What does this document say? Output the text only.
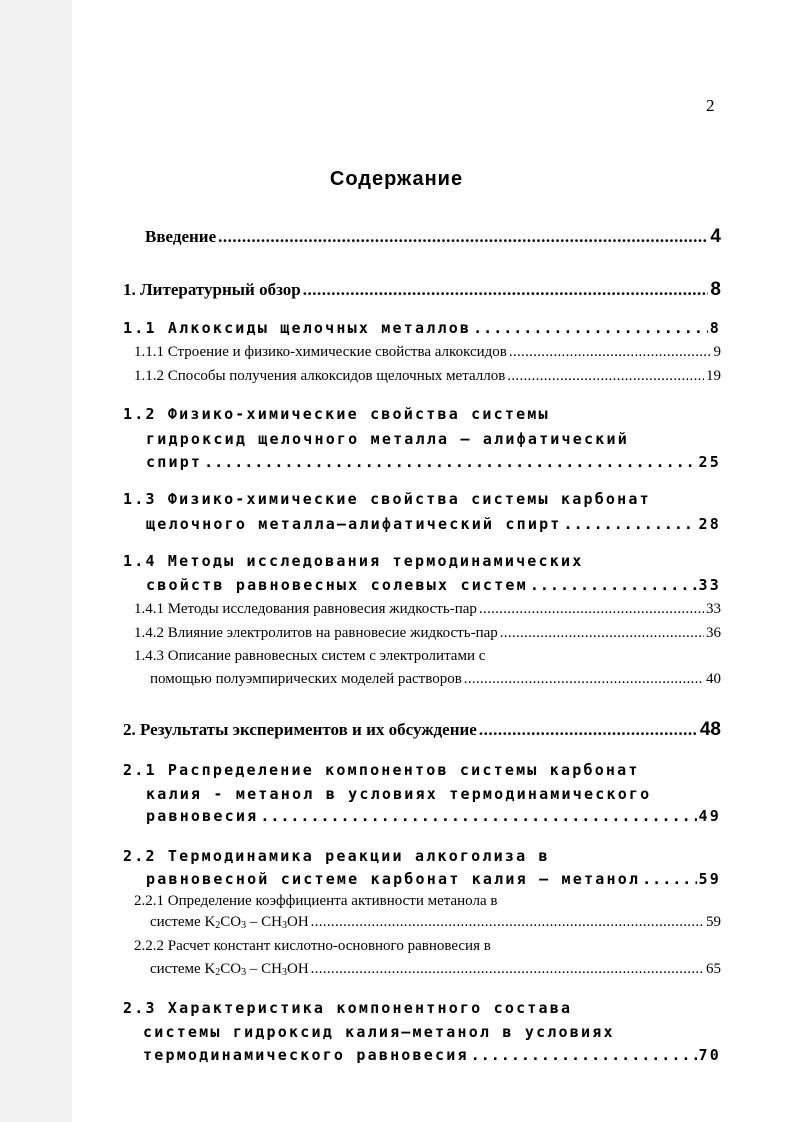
2
Содержание
Введение .....	4
1. Литературный обзор .....	8
1.1 Алкоксиды щелочных металлов .....	8
1.1.1 Строение и физико-химические свойства алкоксидов .....	9
1.1.2 Способы получения алкоксидов щелочных металлов .....	19
1.2 Физико-химические свойства системы
гидроксид щелочного металла — алифатический
спирт .....	25
1.3 Физико-химические свойства системы карбонат
щелочного металла—алифатический спирт .....	28
1.4 Методы исследования термодинамических
свойств равновесных солевых систем .....	33
1.4.1 Методы исследования равновесия жидкость-пар .....	33
1.4.2 Влияние электролитов на равновесие жидкость-пар .....	36
1.4.3 Описание равновесных систем с электролитами с
помощью полуэмпирических моделей растворов .....	40
2. Результаты экспериментов и их обсуждение .....	48
2.1 Распределение компонентов системы карбонат
калия - метанол в условиях термодинамического
равновесия .....	49
2.2 Термодинамика реакции алкоголиза в
равновесной системе карбонат калия – метанол .....	59
2.2.1 Определение коэффициента активности метанола в
системе $K_2CO_3 - CH_3OH$ .....	59
2.2.2 Расчет констант кислотно-основного равновесия в
системе $K_2CO_3 - CH_3OH$ .....	65
2.3 Характеристика компонентного состава
системы гидроксид калия—метанол в условиях
термодинамического равновесия .....	70
